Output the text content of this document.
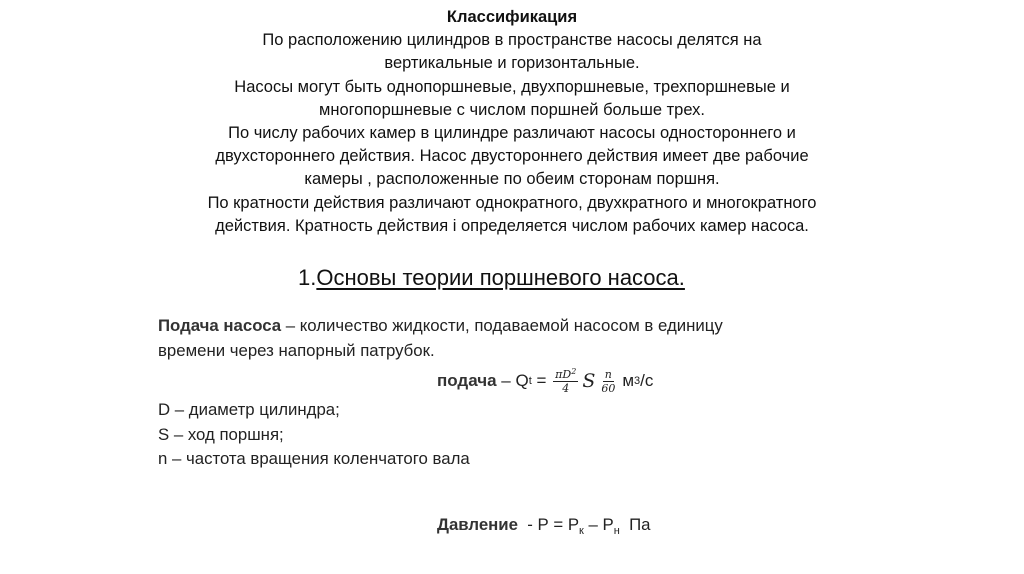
Классификация
По расположению цилиндров в пространстве насосы делятся на
вертикальные и горизонтальные.
Насосы могут быть однопоршневые, двухпоршневые, трехпоршневые и
многопоршневые с числом поршней больше трех.
По числу рабочих камер в цилиндре различают насосы одностороннего и
двухстороннего действия. Насос двустороннего действия имеет две рабочие
камеры , расположенные по обеим сторонам поршня.
По кратности действия различают однократного, двухкратного и многократного
действия. Кратность действия i определяется числом рабочих камер насоса.
1.Основы теории поршневого насоса.
Подача насоса – количество жидкости, подаваемой насосом в единицу
времени через напорный патрубок.
подача – Q $t = \frac{\pi D^2}{4}$ S $\frac{n}{60}$ м 3 /с
D – диаметр цилиндра;
S – ход поршня;
n – частота вращения коленчатого вала
Давление  - $Р = Р_к - Р_н$  Па
